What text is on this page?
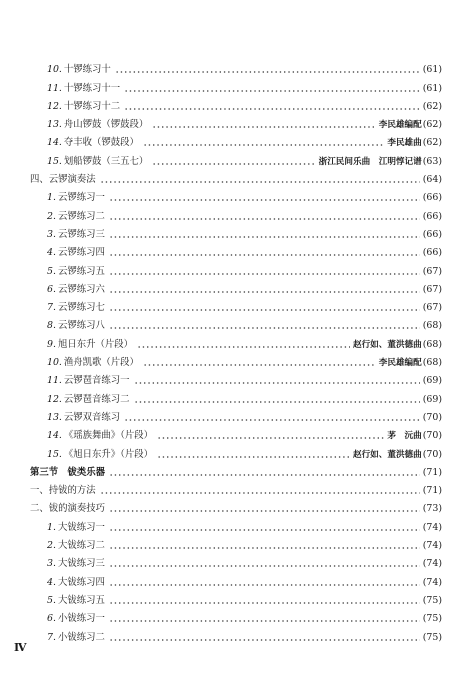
10. 十锣练习十	(61)
11. 十锣练习十一	(61)
12. 十锣练习十二	(62)
13. 舟山锣鼓（锣鼓段）	李民雄编配 (62)
14. 夺丰收（锣鼓段）	李民雄曲 (62)
15. 划船锣鼓（三五七）	浙江民间乐曲　江明惇记谱 (63)
四、云锣演奏法	(64)
1. 云锣练习一	(66)
2. 云锣练习二	(66)
3. 云锣练习三	(66)
4. 云锣练习四	(66)
5. 云锣练习五	(67)
6. 云锣练习六	(67)
7. 云锣练习七	(67)
8. 云锣练习八	(68)
9. 旭日东升（片段）	赵行如、董洪德曲 (68)
10. 渔舟凯歌（片段）	李民雄编配 (68)
11. 云锣琶音练习一	(69)
12. 云锣琶音练习二	(69)
13. 云锣双音练习	(70)
14. 《瑶族舞曲》（片段）	茅　沅曲 (70)
15. 《旭日东升》（片段）	赵行如、董洪德曲 (70)
第三节　钹类乐器	(71)
一、持钹的方法	(71)
二、钹的演奏技巧	(73)
1. 大钹练习一	(74)
2. 大钹练习二	(74)
3. 大钹练习三	(74)
4. 大钹练习四	(74)
5. 大钹练习五	(75)
6. 小钹练习一	(75)
7. 小钹练习二	(75)
Ⅳ
